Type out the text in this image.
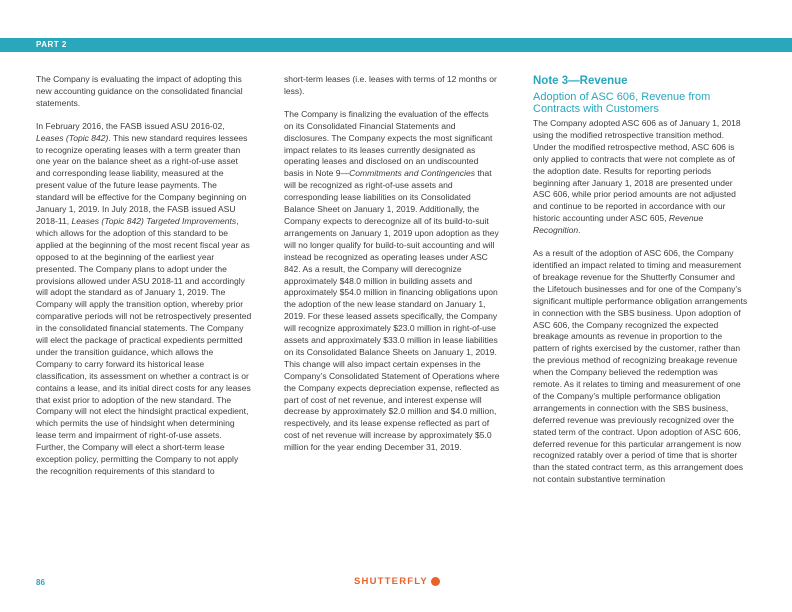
PART 2

The Company is evaluating the impact of adopting this new accounting guidance on the consolidated financial statements.

In February 2016, the FASB issued ASU 2016-02, Leases (Topic 842). This new standard requires lessees to recognize operating leases with a term greater than one year on the balance sheet as a right-of-use asset and corresponding lease liability, measured at the present value of the future lease payments. The standard will be effective for the Company beginning on January 1, 2019. In July 2018, the FASB issued ASU 2018-11, Leases (Topic 842) Targeted Improvements, which allows for the adoption of this standard to be applied at the beginning of the most recent fiscal year as opposed to at the beginning of the earliest year presented. The Company plans to adopt under the provisions allowed under ASU 2018-11 and accordingly will adopt the standard as of January 1, 2019. The Company will apply the transition option, whereby prior comparative periods will not be retrospectively presented in the consolidated financial statements. The Company will elect the package of practical expedients permitted under the transition guidance, which allows the Company to carry forward its historical lease classification, its assessment on whether a contract is or contains a lease, and its initial direct costs for any leases that exist prior to adoption of the new standard. The Company will not elect the hindsight practical expedient, which permits the use of hindsight when determining lease term and impairment of right-of-use assets. Further, the Company will elect a short-term lease exception policy, permitting the Company to not apply the recognition requirements of this standard to

short-term leases (i.e. leases with terms of 12 months or less).

The Company is finalizing the evaluation of the effects on its Consolidated Financial Statements and disclosures. The Company expects the most significant impact relates to its leases currently designated as operating leases and disclosed on an undiscounted basis in Note 9—Commitments and Contingencies that will be recognized as right-of-use assets and corresponding lease liabilities on its Consolidated Balance Sheet on January 1, 2019. Additionally, the Company expects to derecognize all of its build-to-suit arrangements on January 1, 2019 upon adoption as they will no longer qualify for build-to-suit accounting and will instead be recognized as operating leases under ASC 842. As a result, the Company will derecognize approximately $48.0 million in building assets and approximately $54.0 million in financing obligations upon the adoption of the new lease standard on January 1, 2019. For these leased assets specifically, the Company will recognize approximately $23.0 million in right-of-use assets and approximately $33.0 million in lease liabilities on its Consolidated Balance Sheets on January 1, 2019. This change will also impact certain expenses in the Company’s Consolidated Statement of Operations where the Company expects depreciation expense, reflected as part of cost of net revenue, and interest expense will decrease by approximately $2.0 million and $4.0 million, respectively, and its lease expense reflected as part of cost of net revenue will increase by approximately $5.0 million for the year ending December 31, 2019.

Note 3—Revenue
Adoption of ASC 606, Revenue from Contracts with Customers

The Company adopted ASC 606 as of January 1, 2018 using the modified retrospective transition method. Under the modified retrospective method, ASC 606 is only applied to contracts that were not complete as of the adoption date. Results for reporting periods beginning after January 1, 2018 are presented under ASC 606, while prior period amounts are not adjusted and continue to be reported in accordance with our historic accounting under ASC 605, Revenue Recognition.

As a result of the adoption of ASC 606, the Company identified an impact related to timing and measurement of breakage revenue for the Shutterfly Consumer and the Lifetouch businesses and for one of the Company’s significant multiple performance obligation arrangements in connection with the SBS business. Upon adoption of ASC 606, the Company recognized the expected breakage amounts as revenue in proportion to the pattern of rights exercised by the customer, rather than the previous method of recognizing breakage revenue when the Company believed the redemption was remote. As it relates to timing and measurement of one of the Company’s multiple performance obligation arrangements in connection with the SBS business, deferred revenue was previously recognized over the stated term of the contract. Upon adoption of ASC 606, deferred revenue for this particular arrangement is now recognized ratably over a period of time that is shorter than the stated contract term, as this arrangement does not contain substantive termination

86	SHUTTERFLY
